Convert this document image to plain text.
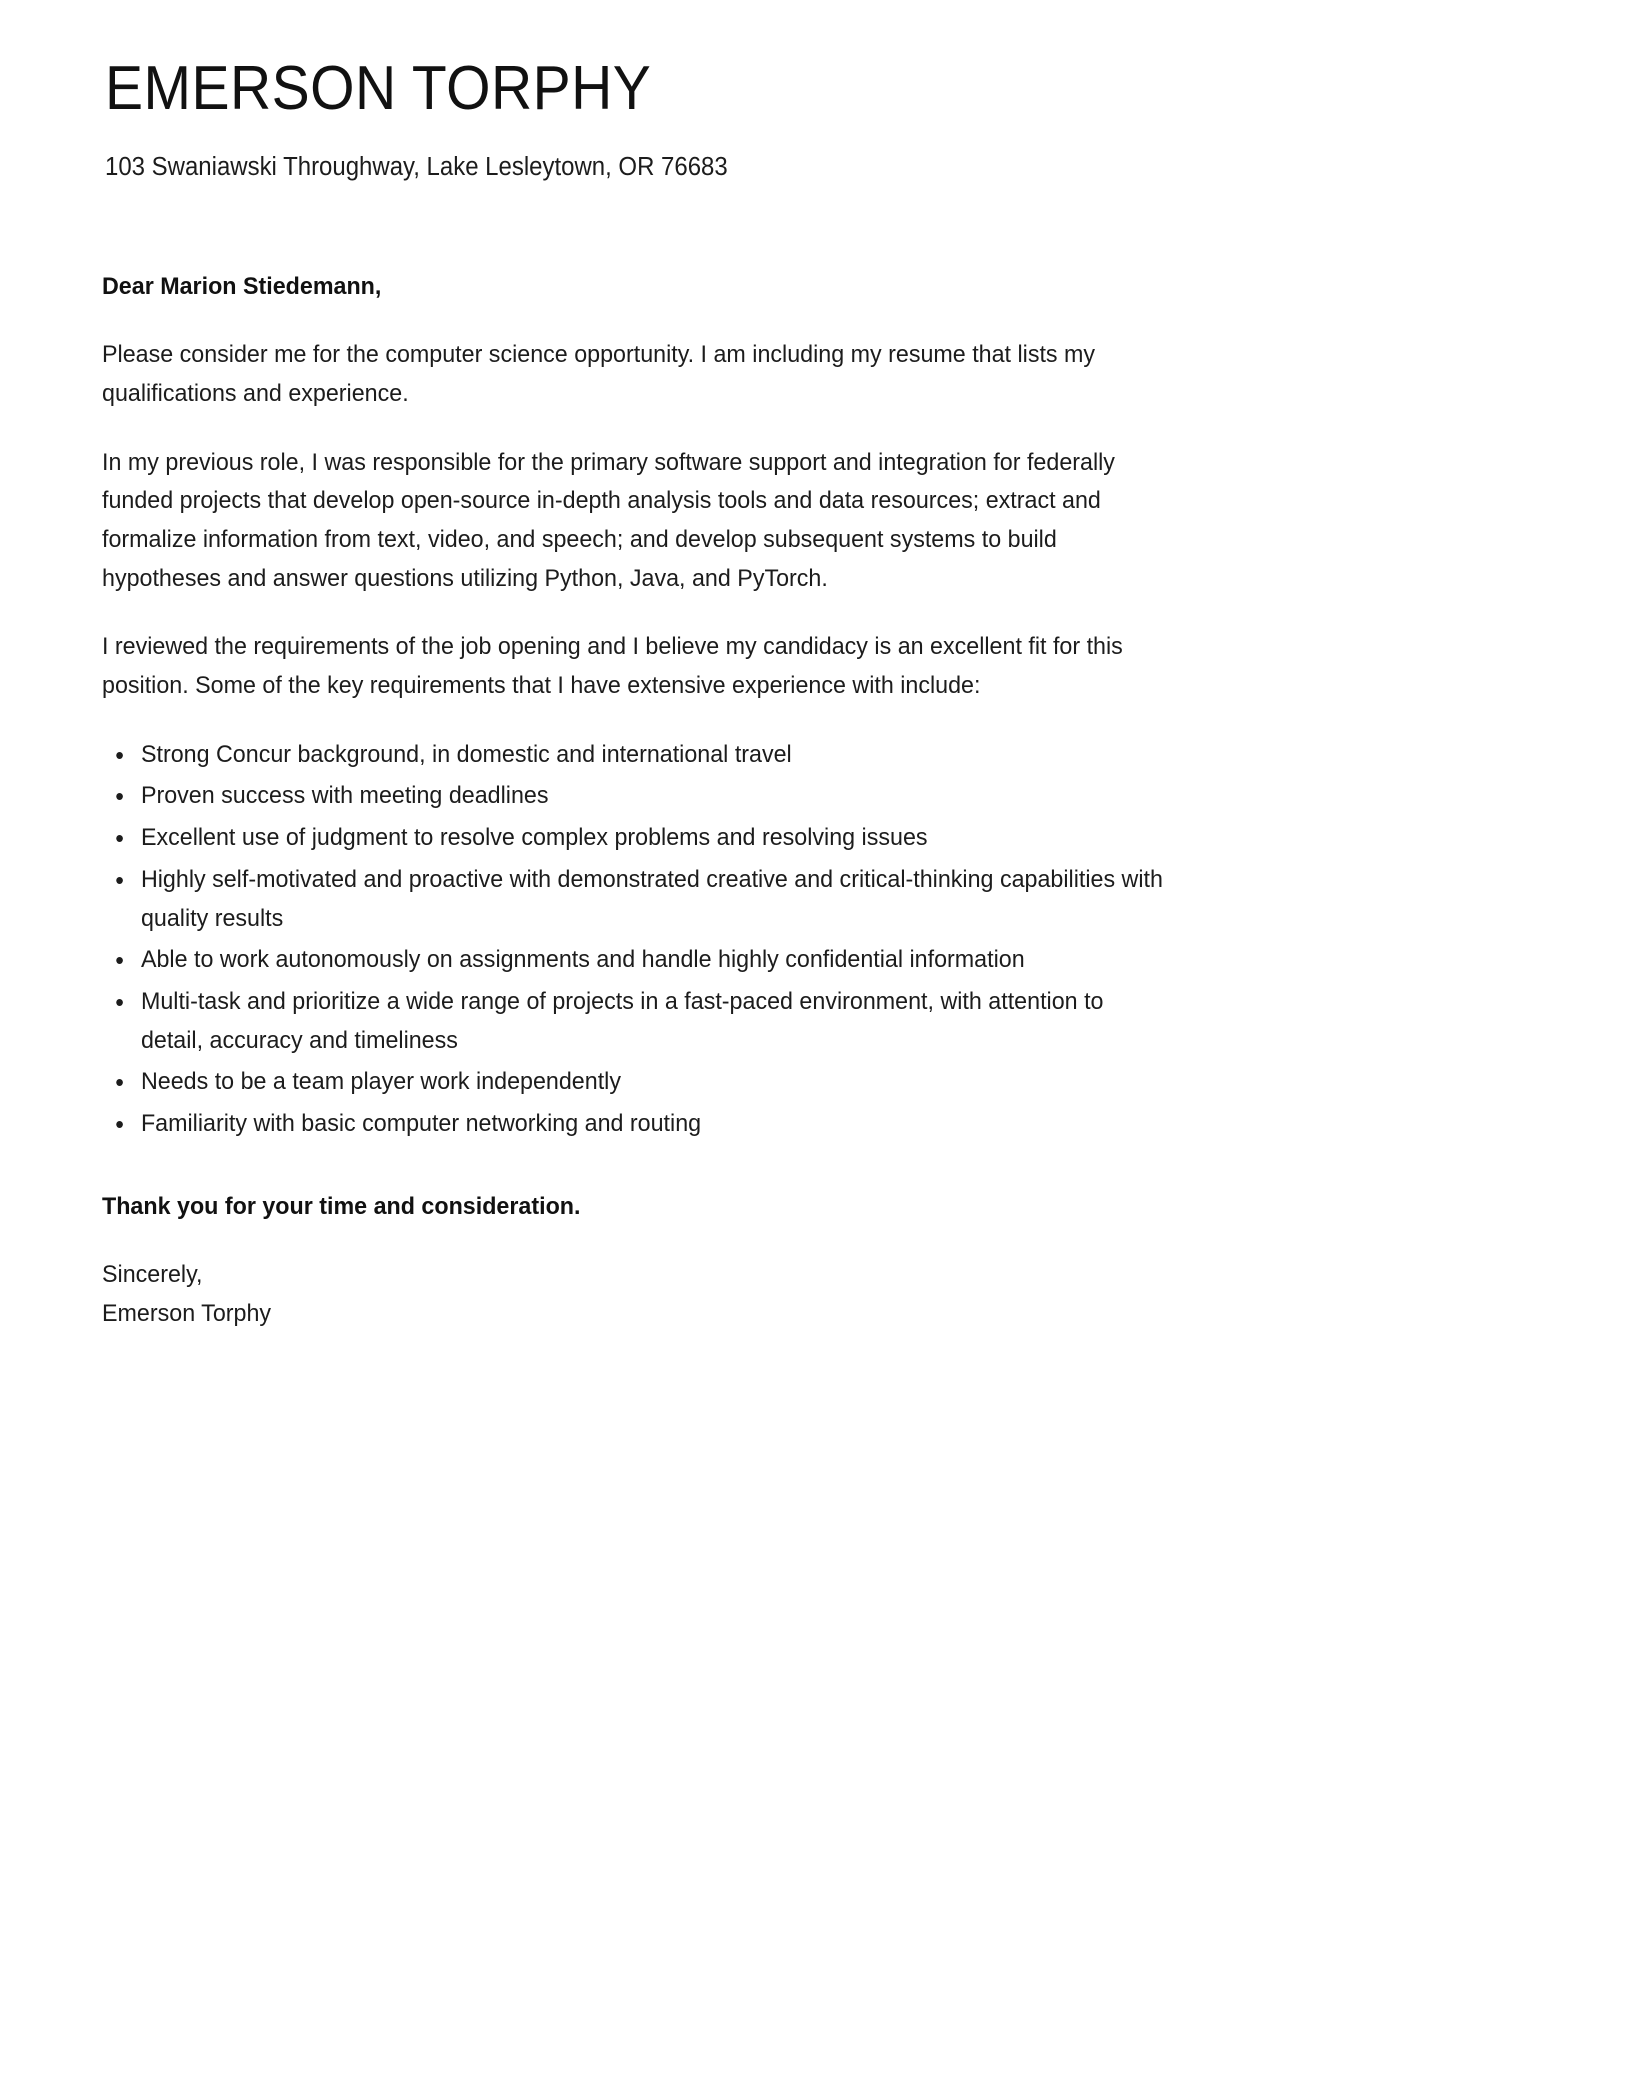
EMERSON TORPHY
103 Swaniawski Throughway, Lake Lesleytown, OR 76683
Dear Marion Stiedemann,

Please consider me for the computer science opportunity. I am including my resume that lists my qualifications and experience.

In my previous role, I was responsible for the primary software support and integration for federally funded projects that develop open-source in-depth analysis tools and data resources; extract and formalize information from text, video, and speech; and develop subsequent systems to build hypotheses and answer questions utilizing Python, Java, and PyTorch.

I reviewed the requirements of the job opening and I believe my candidacy is an excellent fit for this position. Some of the key requirements that I have extensive experience with include:

• Strong Concur background, in domestic and international travel
• Proven success with meeting deadlines
• Excellent use of judgment to resolve complex problems and resolving issues
• Highly self-motivated and proactive with demonstrated creative and critical-thinking capabilities with quality results
• Able to work autonomously on assignments and handle highly confidential information
• Multi-task and prioritize a wide range of projects in a fast-paced environment, with attention to detail, accuracy and timeliness
• Needs to be a team player work independently
• Familiarity with basic computer networking and routing
Thank you for your time and consideration.
Sincerely,
Emerson Torphy
